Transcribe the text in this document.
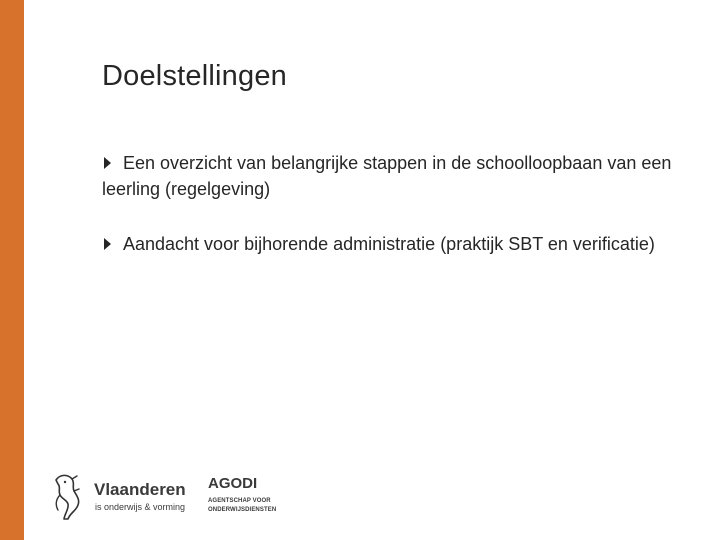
Doelstellingen
Een overzicht van belangrijke stappen in de schoolloopbaan van een leerling (regelgeving)
Aandacht voor bijhorende administratie (praktijk SBT en verificatie)
Vlaanderen
is onderwijs & vorming
AGODI
AGENTSCHAP VOOR ONDERWIJSDIENSTEN
